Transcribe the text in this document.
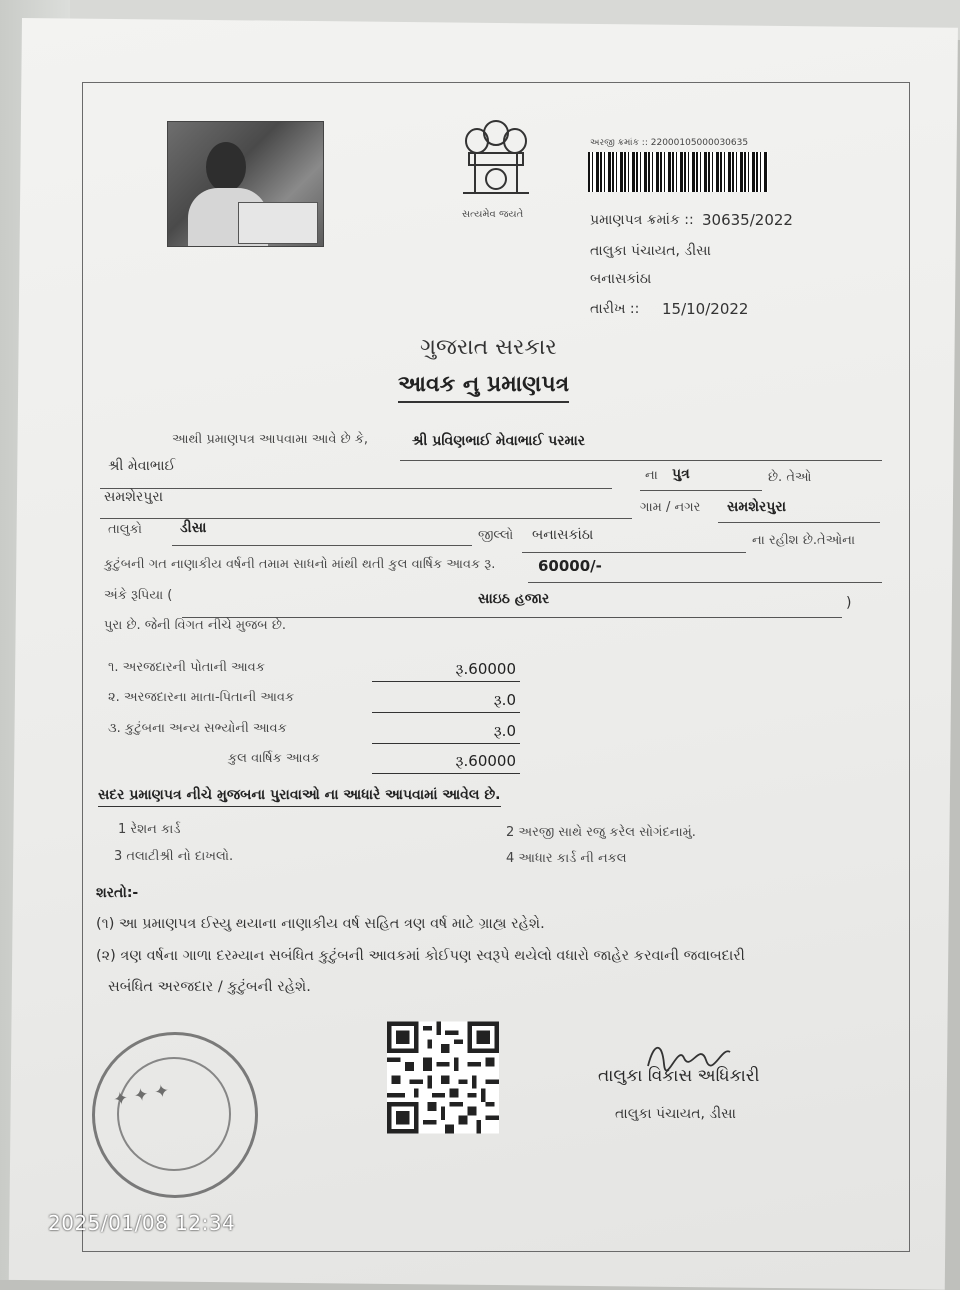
સત્યમેવ જયતે
અરજી ક્રમાંક :: 22000105000030635
પ્રમાણપત્ર ક્રમાંક :: 30635/2022
તાલુકા પંચાયત, ડીસા
બનાસકાંઠા
તારીખ :: 15/10/2022
ગુજરાત સરકાર
આવક નુ પ્રમાણપત્ર
આથી પ્રમાણપત્ર આપવામા આવે છે કે,	શ્રી પ્રવિણભાઈ મેવાભાઈ પરમાર
શ્રી મેવાભાઈ
ના પુત્ર	છે. તેઓ
સમશેરપુરા
ગામ / નગર સમશેરપુરા
તાલુકો	ડીસા	જીલ્લો બનાસકાંઠા	ના રહીશ છે.તેઓના
કુટુંબની ગત નાણાકીય વર્ષની તમામ સાધનો માંથી થતી કુલ વાર્ષિક આવક રૂ.	60000/-
અંકે રૂપિયા (	સાઇઠ હજાર	)
પુરા છે. જેની વિગત નીચે મુજબ છે.
૧. અરજદારની પોતાની આવક	રૂ.60000
૨. અરજદારના માતા-પિતાની આવક	રૂ.0
૩. કુટુંબના અન્ય સભ્યોની આવક	રૂ.0
કુલ વાર્ષિક આવક	રૂ.60000
સદર પ્રમાણપત્ર નીચે મુજબના પુરાવાઓ ના આધારે આપવામાં આવેલ છે.
1 રેશન કાર્ડ	2 અરજી સાથે રજુ કરેલ સોગંદનામું.
3 તલાટીશ્રી નો દાખલો.	4 આધાર કાર્ડ ની નકલ
શરતો:-
(૧) આ પ્રમાણપત્ર ઈસ્યુ થયાના નાણાકીય વર્ષ સહિત ત્રણ વર્ષ માટે ગ્રાહ્ય રહેશે.
(૨) ત્રણ વર્ષના ગાળા દરમ્યાન સબંધિત કુટુંબની આવકમાં કોઈપણ સ્વરૂપે થયેલો વધારો જાહેર કરવાની જવાબદારી
સબંધિત અરજદાર / કુટુંબની રહેશે.
✦ ✦ ✦
તાલુકા વિકાસ અધિકારી
તાલુકા પંચાયત, ડીસા
2025/01/08 12:34
